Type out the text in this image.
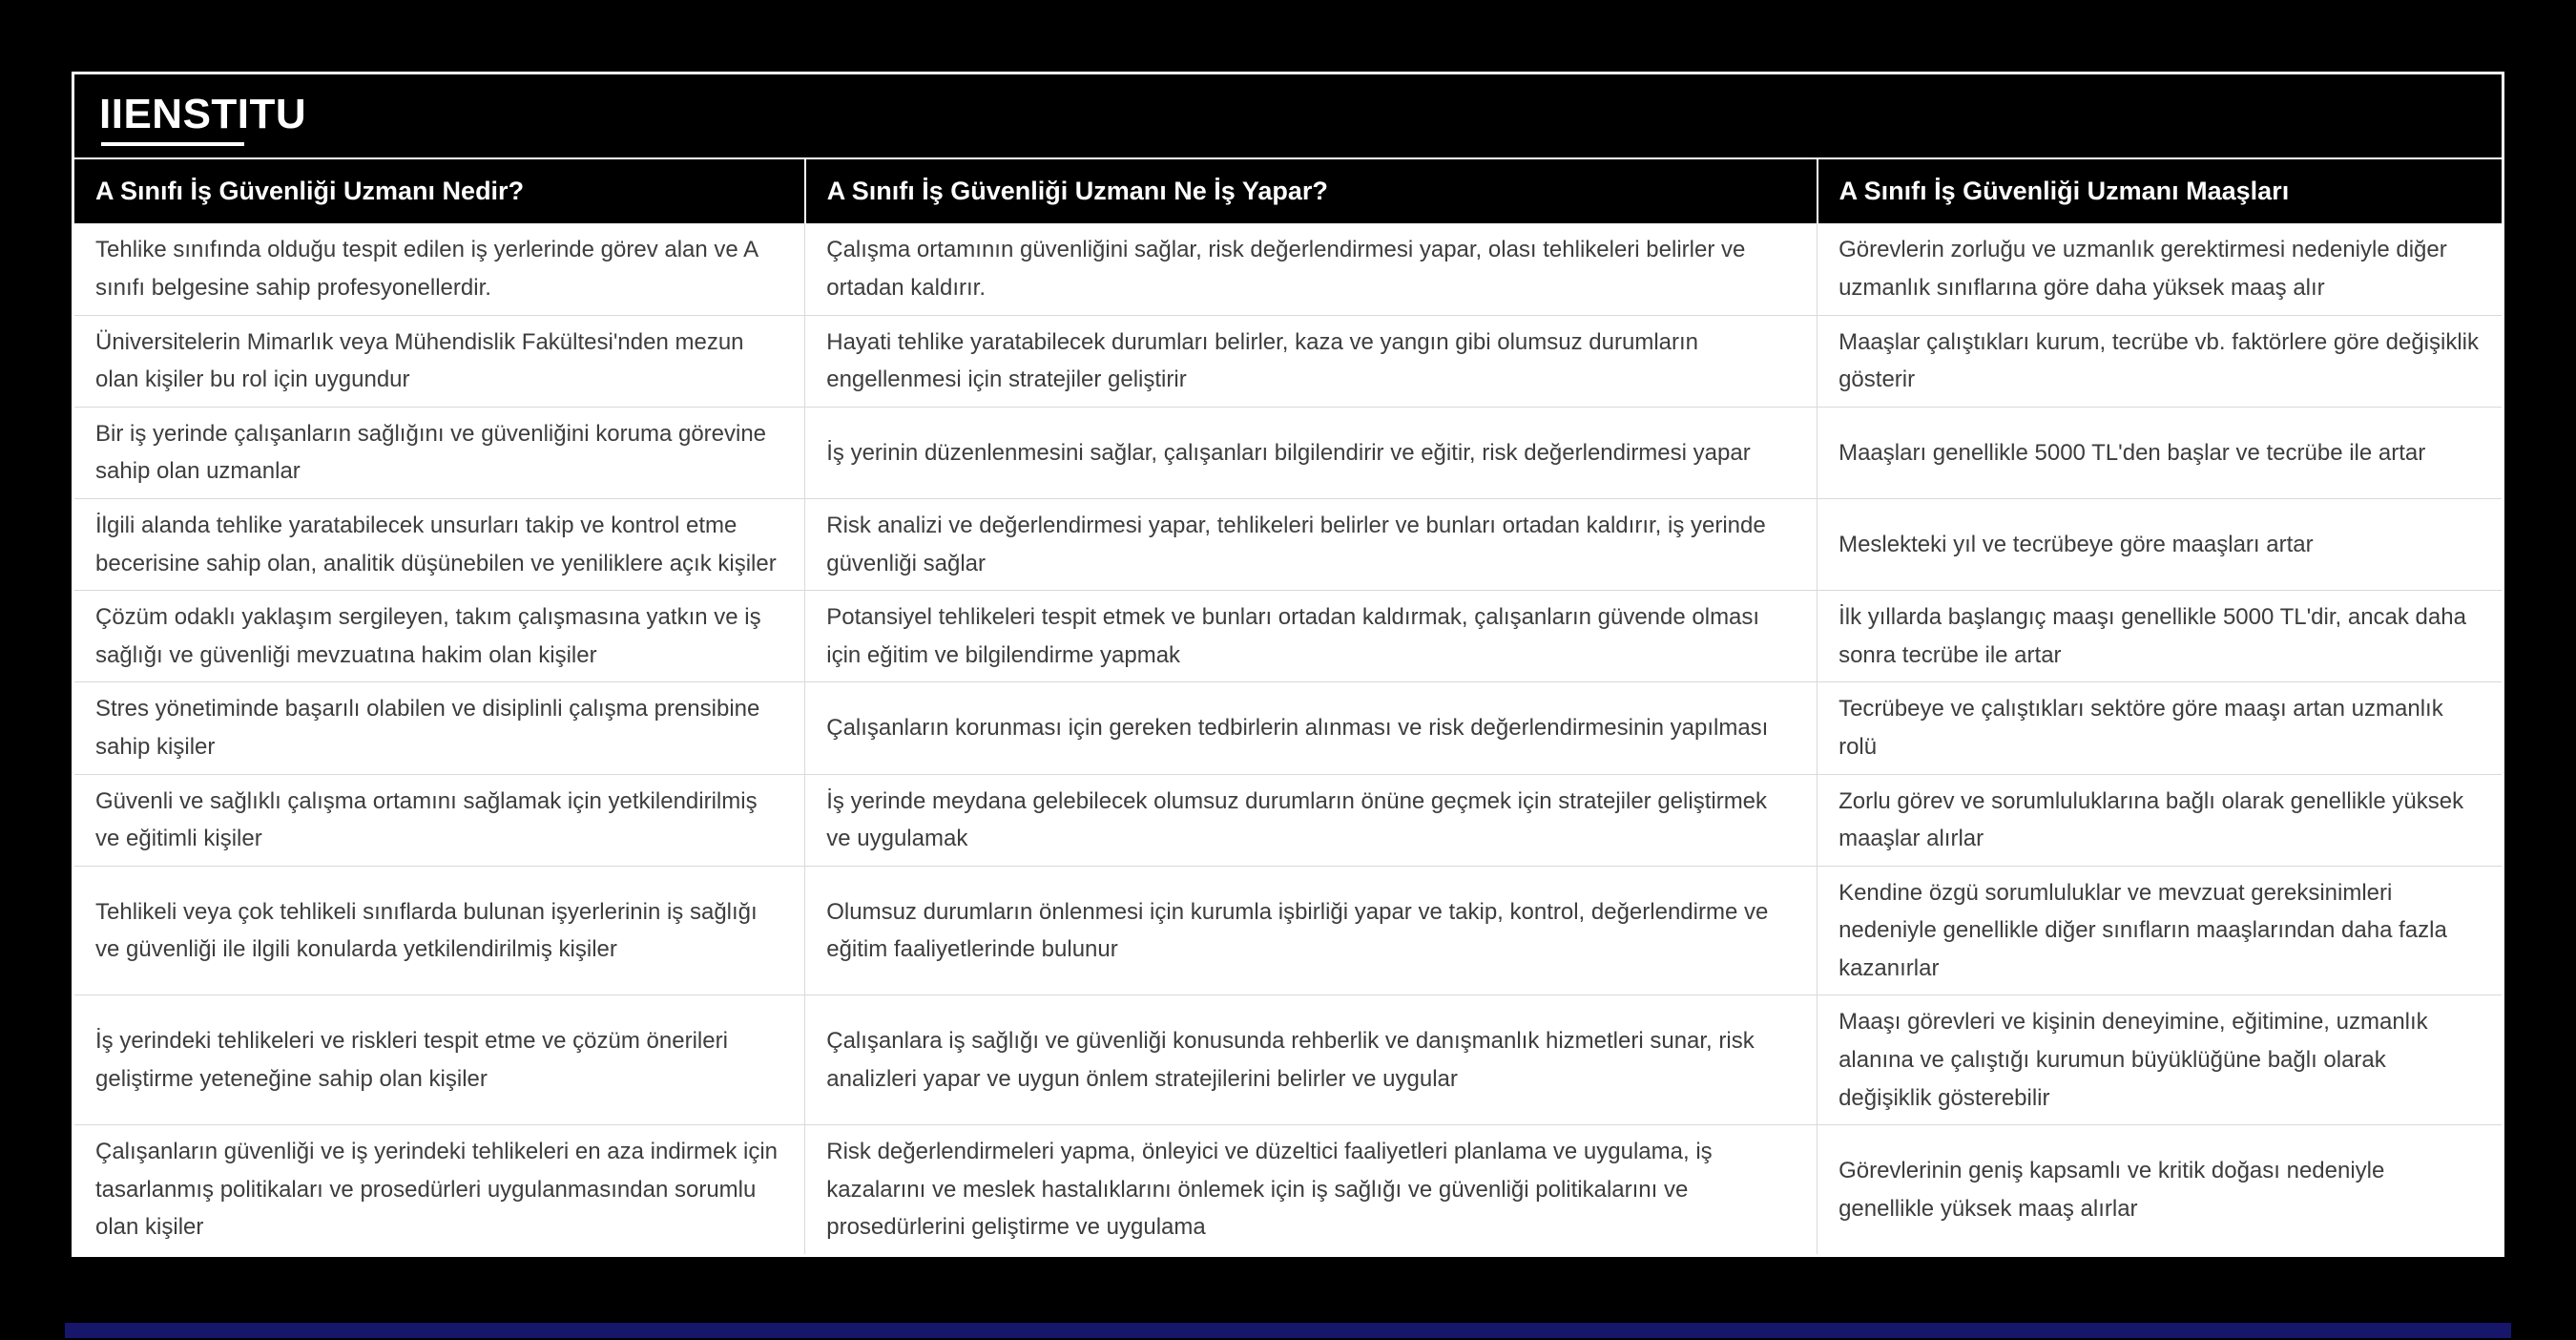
IIENSTITU
A Sınıfı İş Güvenliği Uzmanı Nedir?	A Sınıfı İş Güvenliği Uzmanı Ne İş Yapar?	A Sınıfı İş Güvenliği Uzmanı Maaşları
Tehlike sınıfında olduğu tespit edilen iş yerlerinde görev alan ve A sınıfı belgesine sahip profesyonellerdir.	Çalışma ortamının güvenliğini sağlar, risk değerlendirmesi yapar, olası tehlikeleri belirler ve ortadan kaldırır.	Görevlerin zorluğu ve uzmanlık gerektirmesi nedeniyle diğer uzmanlık sınıflarına göre daha yüksek maaş alır
Üniversitelerin Mimarlık veya Mühendislik Fakültesi'nden mezun olan kişiler bu rol için uygundur	Hayati tehlike yaratabilecek durumları belirler, kaza ve yangın gibi olumsuz durumların engellenmesi için stratejiler geliştirir	Maaşlar çalıştıkları kurum, tecrübe vb. faktörlere göre değişiklik gösterir
Bir iş yerinde çalışanların sağlığını ve güvenliğini koruma görevine sahip olan uzmanlar	İş yerinin düzenlenmesini sağlar, çalışanları bilgilendirir ve eğitir, risk değerlendirmesi yapar	Maaşları genellikle 5000 TL'den başlar ve tecrübe ile artar
İlgili alanda tehlike yaratabilecek unsurları takip ve kontrol etme becerisine sahip olan, analitik düşünebilen ve yeniliklere açık kişiler	Risk analizi ve değerlendirmesi yapar, tehlikeleri belirler ve bunları ortadan kaldırır, iş yerinde güvenliği sağlar	Meslekteki yıl ve tecrübeye göre maaşları artar
Çözüm odaklı yaklaşım sergileyen, takım çalışmasına yatkın ve iş sağlığı ve güvenliği mevzuatına hakim olan kişiler	Potansiyel tehlikeleri tespit etmek ve bunları ortadan kaldırmak, çalışanların güvende olması için eğitim ve bilgilendirme yapmak	İlk yıllarda başlangıç maaşı genellikle 5000 TL'dir, ancak daha sonra tecrübe ile artar
Stres yönetiminde başarılı olabilen ve disiplinli çalışma prensibine sahip kişiler	Çalışanların korunması için gereken tedbirlerin alınması ve risk değerlendirmesinin yapılması	Tecrübeye ve çalıştıkları sektöre göre maaşı artan uzmanlık rolü
Güvenli ve sağlıklı çalışma ortamını sağlamak için yetkilendirilmiş ve eğitimli kişiler	İş yerinde meydana gelebilecek olumsuz durumların önüne geçmek için stratejiler geliştirmek ve uygulamak	Zorlu görev ve sorumluluklarına bağlı olarak genellikle yüksek maaşlar alırlar
Tehlikeli veya çok tehlikeli sınıflarda bulunan işyerlerinin iş sağlığı ve güvenliği ile ilgili konularda yetkilendirilmiş kişiler	Olumsuz durumların önlenmesi için kurumla işbirliği yapar ve takip, kontrol, değerlendirme ve eğitim faaliyetlerinde bulunur	Kendine özgü sorumluluklar ve mevzuat gereksinimleri nedeniyle genellikle diğer sınıfların maaşlarından daha fazla kazanırlar
İş yerindeki tehlikeleri ve riskleri tespit etme ve çözüm önerileri geliştirme yeteneğine sahip olan kişiler	Çalışanlara iş sağlığı ve güvenliği konusunda rehberlik ve danışmanlık hizmetleri sunar, risk analizleri yapar ve uygun önlem stratejilerini belirler ve uygular	Maaşı görevleri ve kişinin deneyimine, eğitimine, uzmanlık alanına ve çalıştığı kurumun büyüklüğüne bağlı olarak değişiklik gösterebilir
Çalışanların güvenliği ve iş yerindeki tehlikeleri en aza indirmek için tasarlanmış politikaları ve prosedürleri uygulanmasından sorumlu olan kişiler	Risk değerlendirmeleri yapma, önleyici ve düzeltici faaliyetleri planlama ve uygulama, iş kazalarını ve meslek hastalıklarını önlemek için iş sağlığı ve güvenliği politikalarını ve prosedürlerini geliştirme ve uygulama	Görevlerinin geniş kapsamlı ve kritik doğası nedeniyle genellikle yüksek maaş alırlar
